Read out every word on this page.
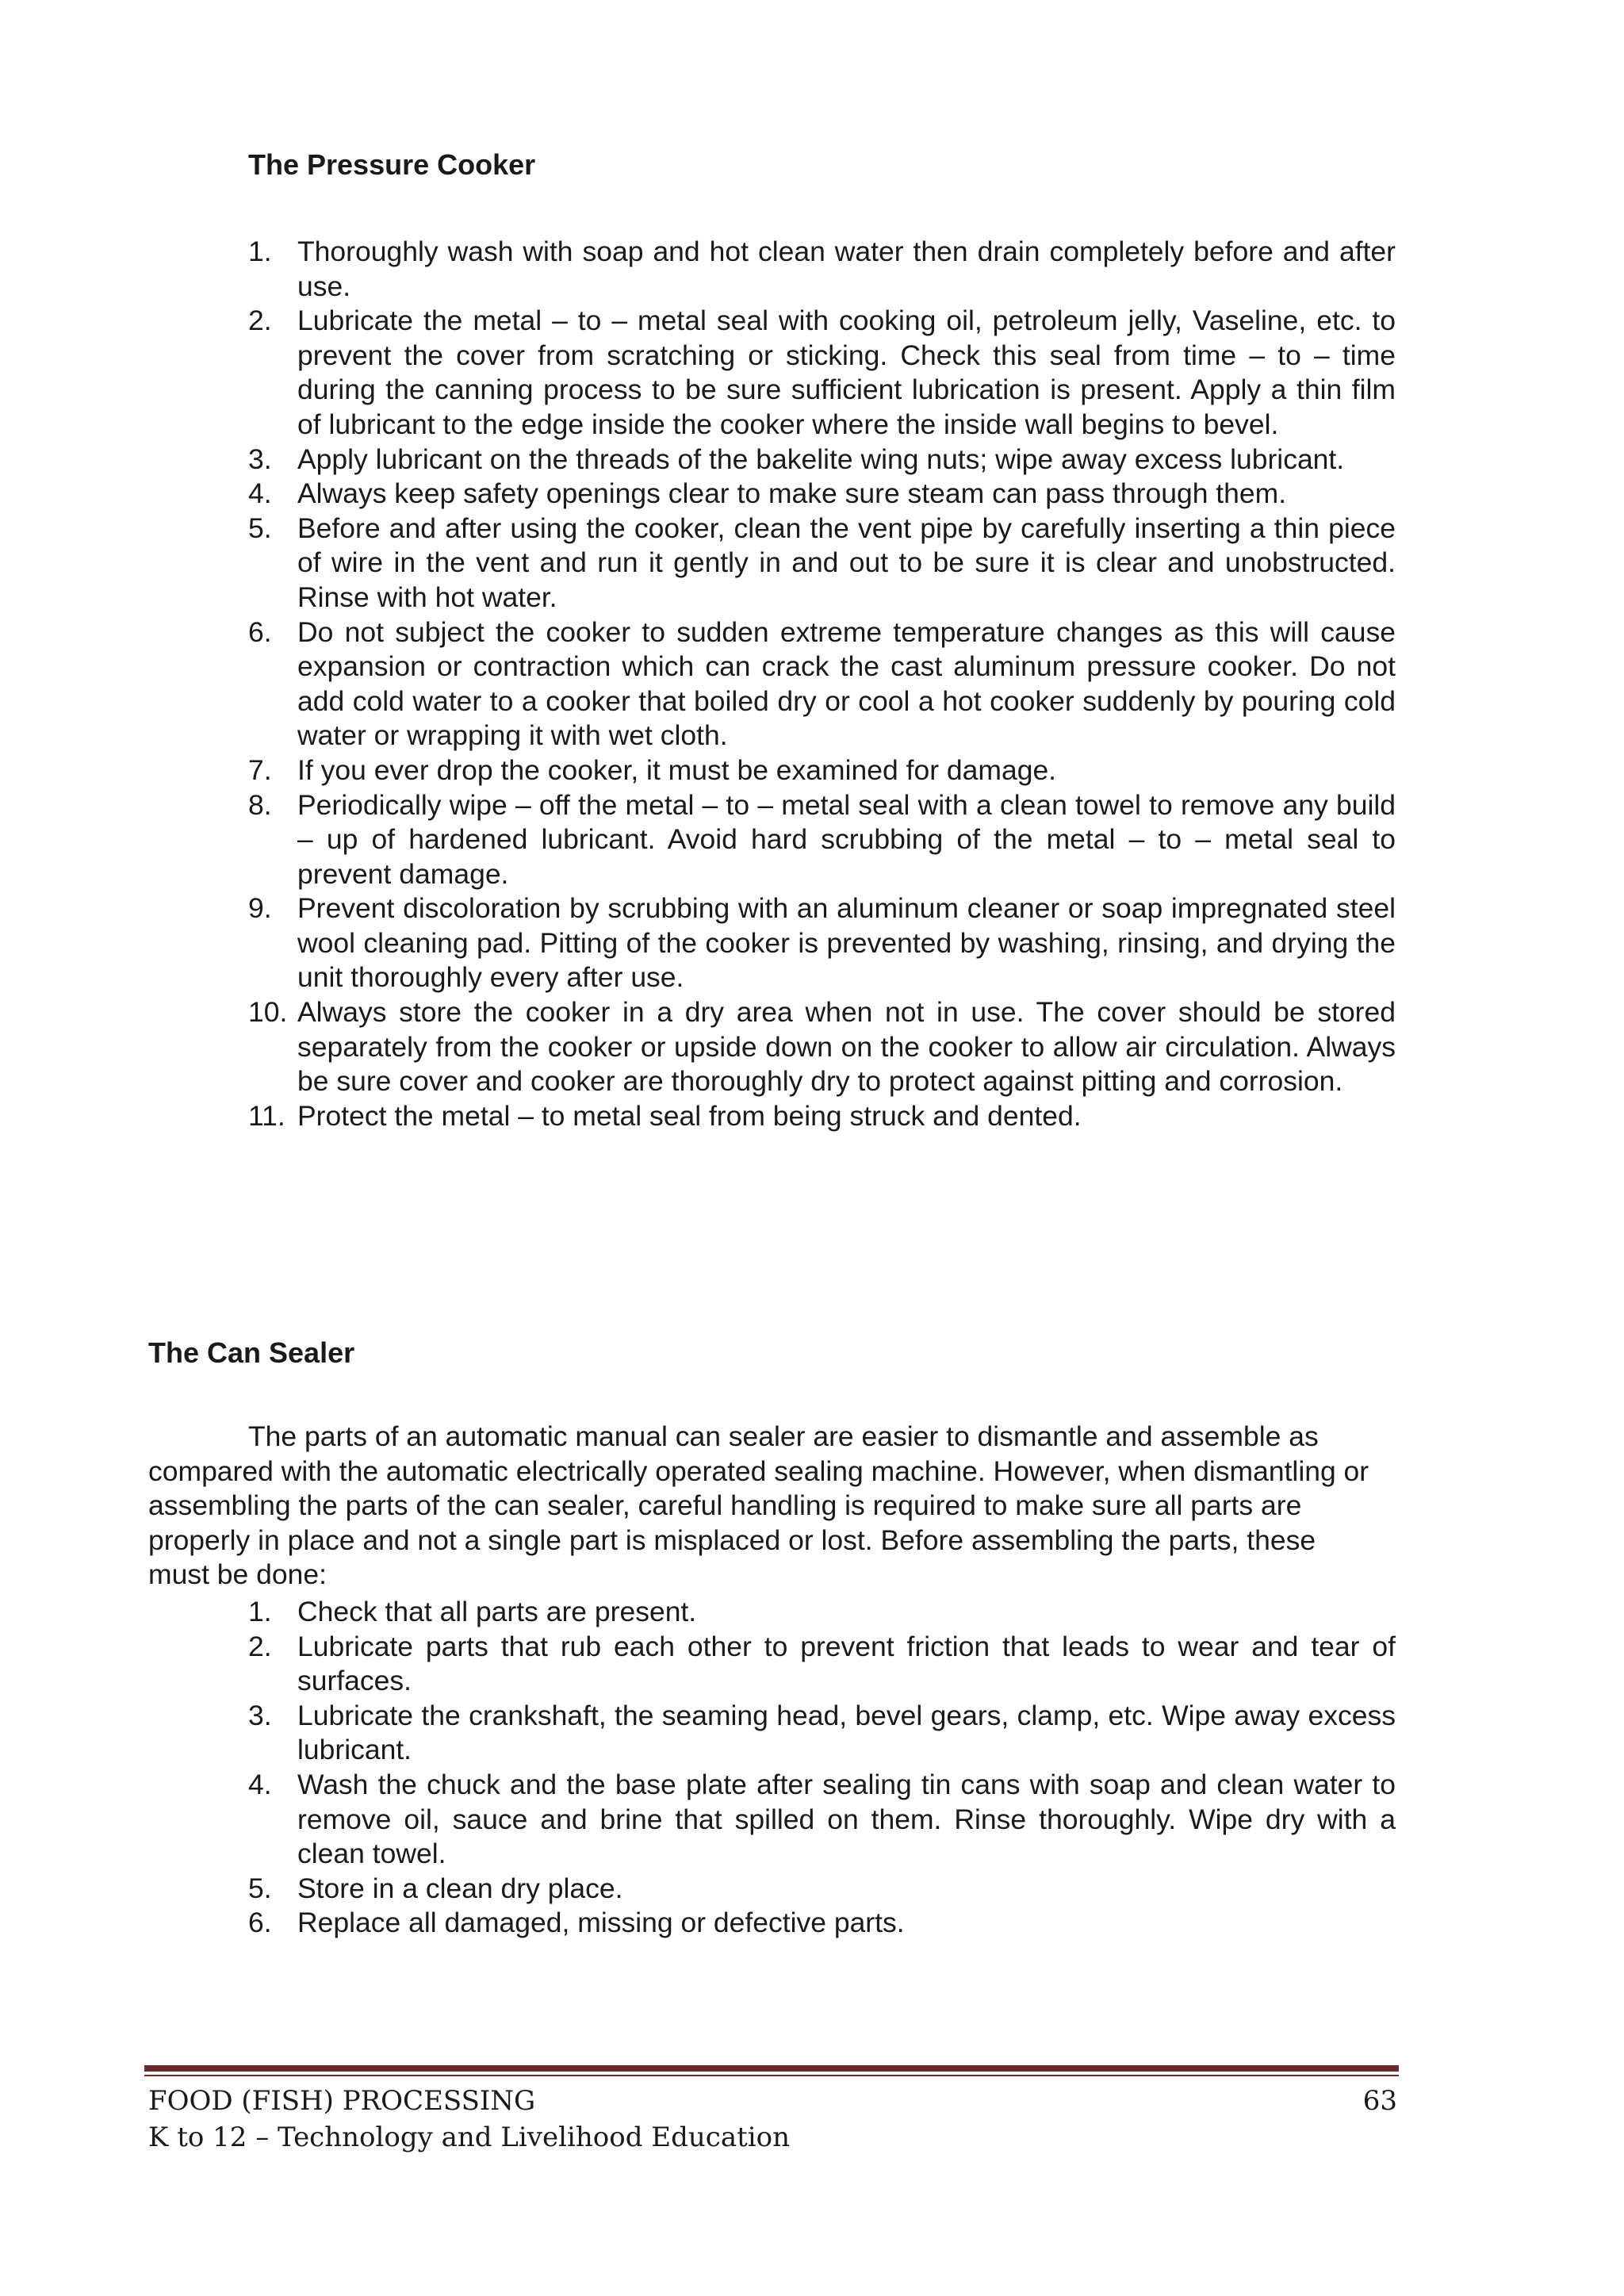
The Pressure Cooker
1. Thoroughly wash with soap and hot clean water then drain completely before and after use.
2. Lubricate the metal – to – metal seal with cooking oil, petroleum jelly, Vaseline, etc. to prevent the cover from scratching or sticking. Check this seal from time – to – time during the canning process to be sure sufficient lubrication is present. Apply a thin film of lubricant to the edge inside the cooker where the inside wall begins to bevel.
3. Apply lubricant on the threads of the bakelite wing nuts; wipe away excess lubricant.
4. Always keep safety openings clear to make sure steam can pass through them.
5. Before and after using the cooker, clean the vent pipe by carefully inserting a thin piece of wire in the vent and run it gently in and out to be sure it is clear and unobstructed. Rinse with hot water.
6. Do not subject the cooker to sudden extreme temperature changes as this will cause expansion or contraction which can crack the cast aluminum pressure cooker. Do not add cold water to a cooker that boiled dry or cool a hot cooker suddenly by pouring cold water or wrapping it with wet cloth.
7. If you ever drop the cooker, it must be examined for damage.
8. Periodically wipe – off the metal – to – metal seal with a clean towel to remove any build – up of hardened lubricant. Avoid hard scrubbing of the metal – to – metal seal to prevent damage.
9. Prevent discoloration by scrubbing with an aluminum cleaner or soap impregnated steel wool cleaning pad. Pitting of the cooker is prevented by washing, rinsing, and drying the unit thoroughly every after use.
10. Always store the cooker in a dry area when not in use. The cover should be stored separately from the cooker or upside down on the cooker to allow air circulation. Always be sure cover and cooker are thoroughly dry to protect against pitting and corrosion.
11. Protect the metal – to metal seal from being struck and dented.
The Can Sealer

The parts of an automatic manual can sealer are easier to dismantle and assemble as compared with the automatic electrically operated sealing machine. However, when dismantling or assembling the parts of the can sealer, careful handling is required to make sure all parts are properly in place and not a single part is misplaced or lost. Before assembling the parts, these must be done:

1. Check that all parts are present.
2. Lubricate parts that rub each other to prevent friction that leads to wear and tear of surfaces.
3. Lubricate the crankshaft, the seaming head, bevel gears, clamp, etc. Wipe away excess lubricant.
4. Wash the chuck and the base plate after sealing tin cans with soap and clean water to remove oil, sauce and brine that spilled on them. Rinse thoroughly. Wipe dry with a clean towel.
5. Store in a clean dry place.
6. Replace all damaged, missing or defective parts.
FOOD (FISH) PROCESSING	63
K to 12 – Technology and Livelihood Education
